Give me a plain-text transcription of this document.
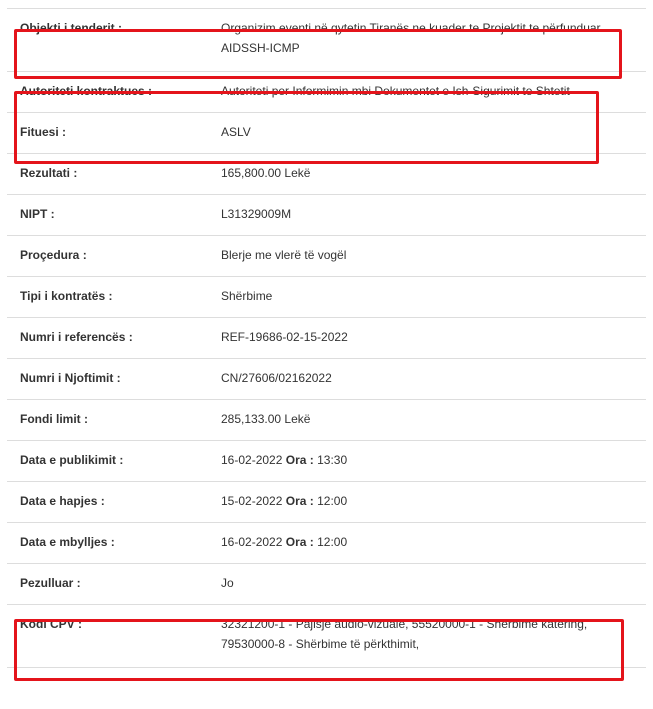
Objekti i tenderit :	Organizim eventi në qytetin Tiranës ne kuader te Projektit te përfunduar AIDSSH-ICMP
Autoriteti kontraktues :	Autoriteti per Informimin mbi Dokumentet e Ish-Sigurimit te Shtetit
Fituesi :	ASLV
Rezultati :	165,800.00 Lekë
NIPT :	L31329009M
Proçedura :	Blerje me vlerë të vogël
Tipi i kontratës :	Shërbime
Numri i referencës :	REF-19686-02-15-2022
Numri i Njoftimit :	CN/27606/02162022
Fondi limit :	285,133.00 Lekë
Data e publikimit :	16-02-2022 Ora : 13:30
Data e hapjes :	15-02-2022 Ora : 12:00
Data e mbylljes :	16-02-2022 Ora : 12:00
Pezulluar :	Jo
Kodi CPV :	32321200-1 - Pajisje audio-vizuale, 55520000-1 - Shërbime katering, 79530000-8 - Shërbime të përkthimit,
